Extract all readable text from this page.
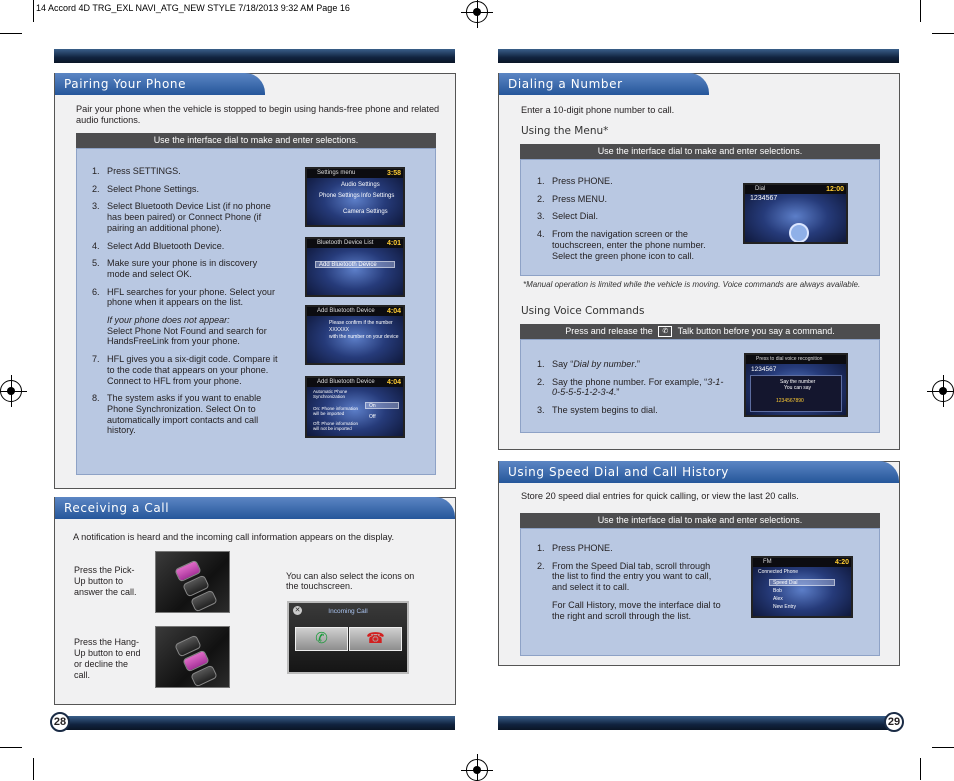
14 Accord 4D TRG_EXL NAVI_ATG_NEW STYLE 7/18/2013 9:32 AM Page 16
Pairing Your Phone
Pair your phone when the vehicle is stopped to begin using hands-free phone and related audio functions.
Use the interface dial to make and enter selections.
1. Press SETTINGS.
2. Select Phone Settings.
3. Select Bluetooth Device List (if no phone has been paired) or Connect Phone (if pairing an additional phone).
4. Select Add Bluetooth Device.
5. Make sure your phone is in discovery mode and select OK.
6. HFL searches for your phone. Select your phone when it appears on the list.
If your phone does not appear:
Select Phone Not Found and search for HandsFreeLink from your phone.
7. HFL gives you a six-digit code. Compare it to the code that appears on your phone. Connect to HFL from your phone.
8. The system asks if you want to enable Phone Synchronization. Select On to automatically import contacts and call history.
Settings menu	3:58
Audio Settings
Phone Settings Info Settings
Camera Settings
Bluetooth Device List 4:01
Add Bluetooth Device
Add Bluetooth Device 4:04
Please confirm if the number
XXXXXX
with the number on your device
Add Bluetooth Device 4:04
Automatic Phone
Synchronization
On: Phone information
will be imported
Off: Phone information
will not be imported
On
Off
Receiving a Call
A notification is heard and the incoming call information appears on the display.
Press the Pick-Up button to answer the call.
Press the Hang-Up button to end or decline the call.
You can also select the icons on the touchscreen.
✕	Incoming Call
✆	☎
Dialing a Number
Enter a 10-digit phone number to call.
Using the Menu*
Use the interface dial to make and enter selections.
1. Press PHONE.
2. Press MENU.
3. Select Dial.
4. From the navigation screen or the touchscreen, enter the phone number. Select the green phone icon to call.
Dial	12:00
1234567
*Manual operation is limited while the vehicle is moving. Voice commands are always available.
Using Voice Commands
Press and release the ✆ Talk button before you say a command.
1. Say “Dial by number.”
2. Say the phone number. For example, “3-1-0-5-5-5-1-2-3-4.”
3. The system begins to dial.
Press to dial voice recognition
1234567
Say the number
You can say
1234567890
Using Speed Dial and Call History
Store 20 speed dial entries for quick calling, or view the last 20 calls.
Use the interface dial to make and enter selections.
1. Press PHONE.
2. From the Speed Dial tab, scroll through the list to find the entry you want to call, and select it to call.
For Call History, move the interface dial to the right and scroll through the list.
FM	4:20
Connected Phone
Speed Dial
Bob
Alex
New Entry
28	29
